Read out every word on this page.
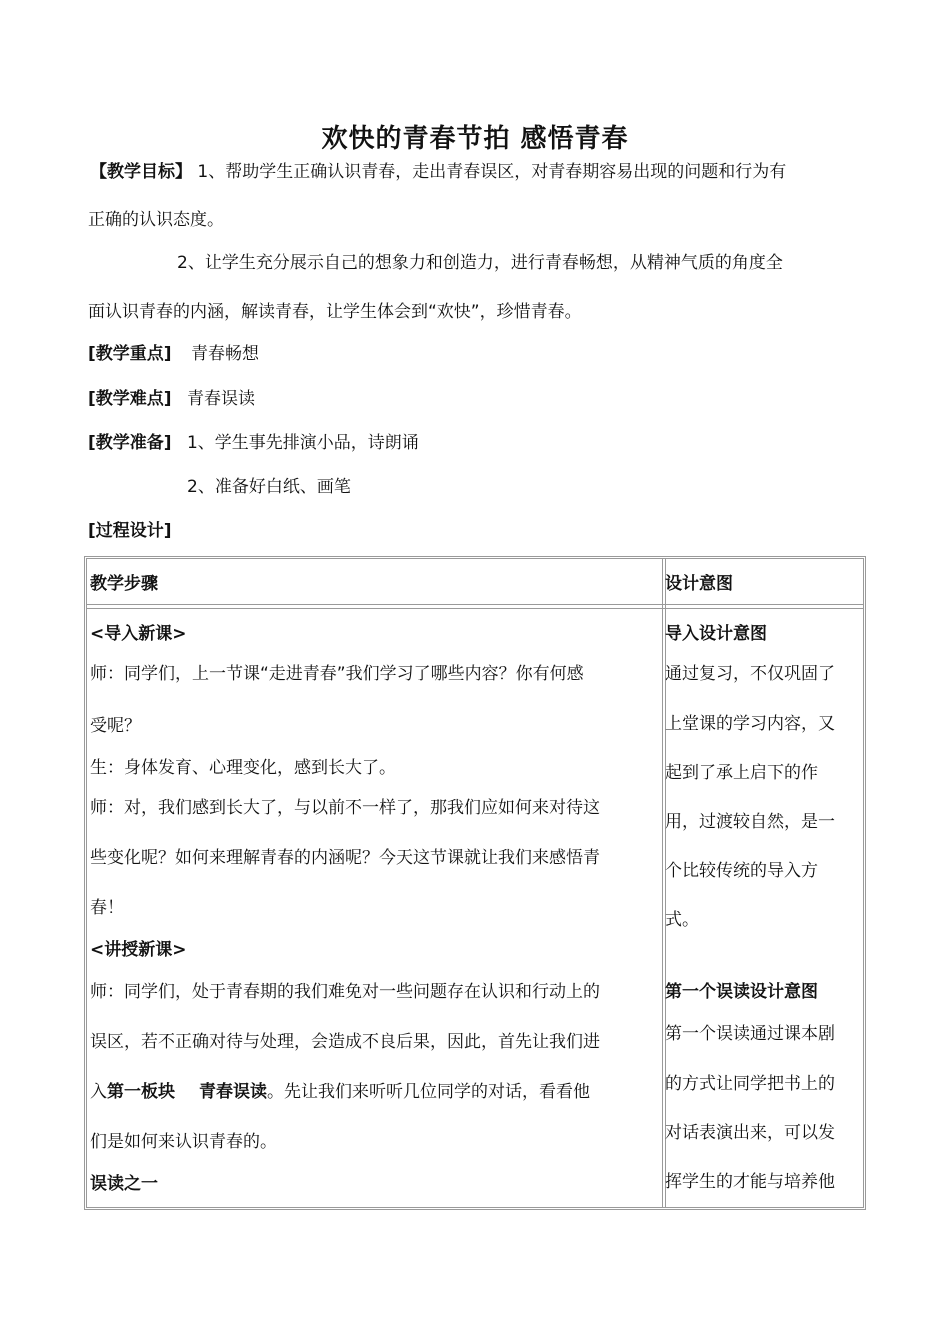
欢快的青春节拍 感悟青春
【教学目标】 1、帮助学生正确认识青春，走出青春误区，对青春期容易出现的问题和行为有
正确的认识态度。
2、让学生充分展示自己的想象力和创造力，进行青春畅想，从精神气质的角度全
面认识青春的内涵，解读青春，让学生体会到“欢快”，珍惜青春。
[教学重点] 青春畅想
[教学难点] 青春误读
[教学准备] 1、学生事先排演小品，诗朗诵
2、准备好白纸、画笔
[过程设计]
教学步骤	设计意图
<导入新课>
师：同学们，上一节课“走进青春”我们学习了哪些内容？你有何感
受呢？
生：身体发育、心理变化，感到长大了。
师：对，我们感到长大了，与以前不一样了，那我们应如何来对待这
些变化呢？如何来理解青春的内涵呢？今天这节课就让我们来感悟青
春！
<讲授新课>
师：同学们，处于青春期的我们难免对一些问题存在认识和行动上的
误区，若不正确对待与处理，会造成不良后果，因此，首先让我们进
入第一板块 青春误读。先让我们来听听几位同学的对话，看看他
们是如何来认识青春的。
误读之一
导入设计意图
通过复习，不仅巩固了
上堂课的学习内容，又
起到了承上启下的作
用，过渡较自然，是一
个比较传统的导入方
式。
第一个误读设计意图
第一个误读通过课本剧
的方式让同学把书上的
对话表演出来，可以发
挥学生的才能与培养他
